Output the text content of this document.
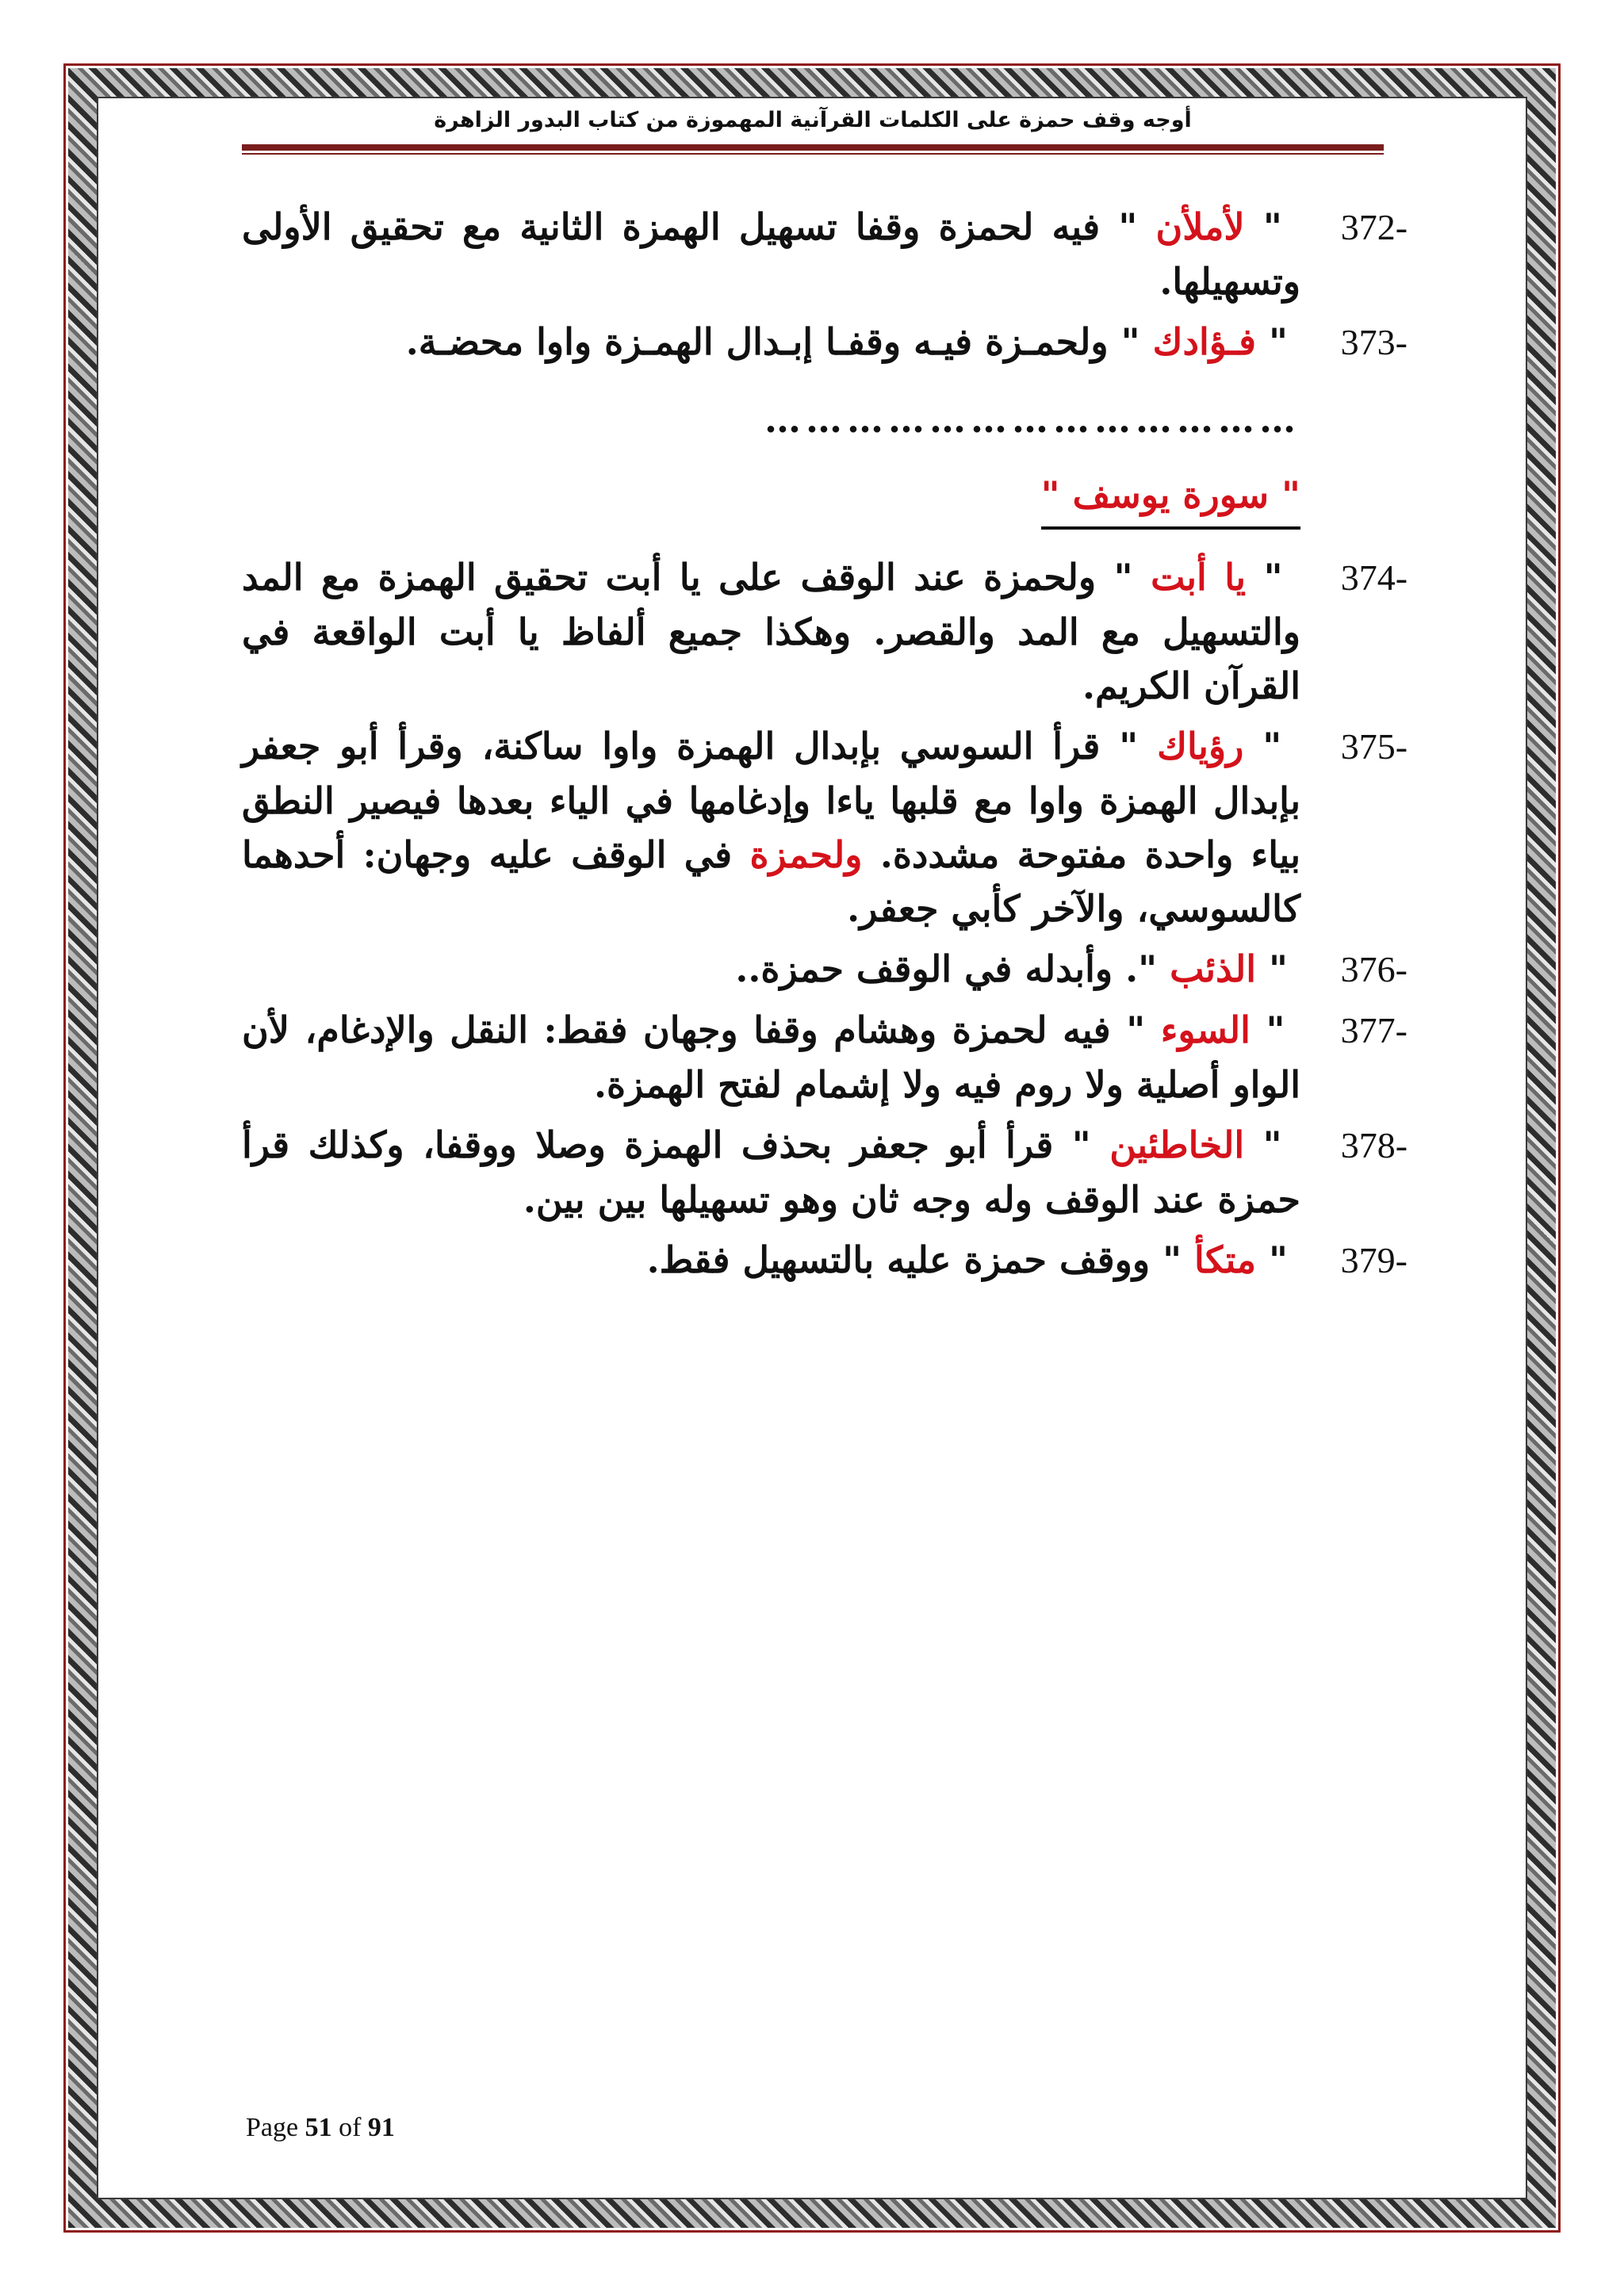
أوجه وقف حمزة على الكلمات القرآنية المهموزة من كتاب البدور الزاهرة

372- " لأملأن " فيه لحمزة وقفا تسهيل الهمزة الثانية مع تحقيق الأولى وتسهيلها.

373- " فـؤادك " ولحمـزة فيـه وقفـا إبـدال الهمـزة واوا محضـة.

…………………………………
" سورة يوسف "

374- " يا أبت " ولحمزة عند الوقف على يا أبت تحقيق الهمزة مع المد والتسهيل مع المد والقصر. وهكذا جميع ألفاظ يا أبت الواقعة في القرآن الكريم.

375- " رؤياك " قرأ السوسي بإبدال الهمزة واوا ساكنة، وقرأ أبو جعفر بإبدال الهمزة واوا مع قلبها ياءا وإدغامها في الياء بعدها فيصير النطق بياء واحدة مفتوحة مشددة. ولحمزة في الوقف عليه وجهان: أحدهما كالسوسي، والآخر كأبي جعفر.

376- " الذئب ". وأبدله في الوقف حمزة..

377- " السوء " فيه لحمزة وهشام وقفا وجهان فقط: النقل والإدغام، لأن الواو أصلية ولا روم فيه ولا إشمام لفتح الهمزة.

378- " الخاطئين " قرأ أبو جعفر بحذف الهمزة وصلا ووقفا، وكذلك قرأ حمزة عند الوقف وله وجه ثان وهو تسهيلها بين بين.

379- " متكأ " ووقف حمزة عليه بالتسهيل فقط.

Page 51 of 91
